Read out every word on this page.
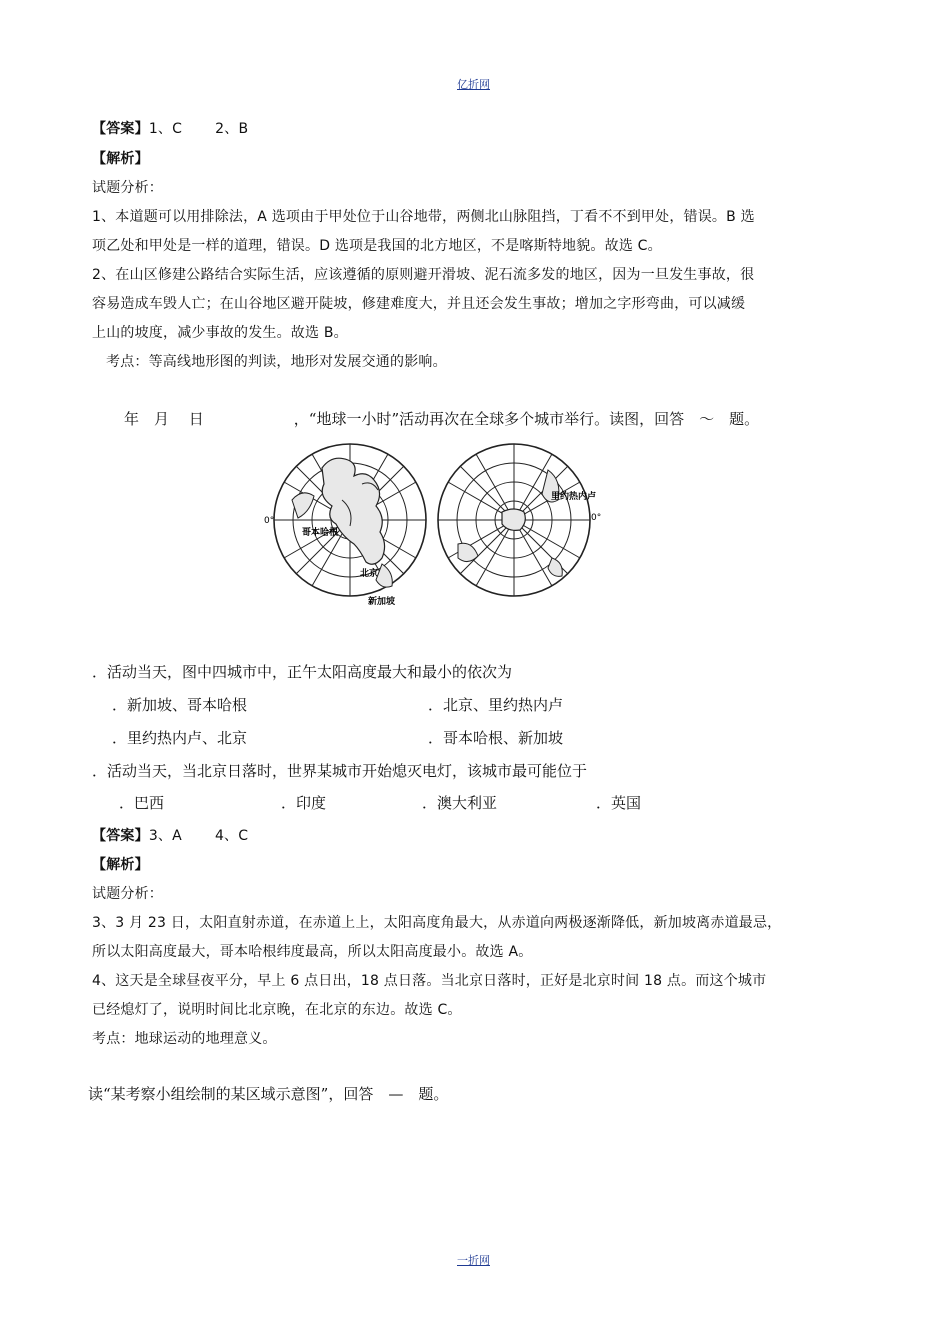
亿折网
【答案】1、C　　 2、B
【解析】
试题分析：
1、本道题可以用排除法，A 选项由于甲处位于山谷地带，两侧北山脉阻挡，丁看不不到甲处，错误。B 选
项乙处和甲处是一样的道理，错误。D 选项是我国的北方地区，不是喀斯特地貌。故选 C。
2、在山区修建公路结合实际生活，应该遵循的原则避开滑坡、泥石流多发的地区，因为一旦发生事故，很
容易造成车毁人亡；在山谷地区避开陡坡，修建难度大，并且还会发生事故；增加之字形弯曲，可以减缓
上山的坡度，减少事故的发生。故选 B。
考点：等高线地形图的判读，地形对发展交通的影响。
年　月　 日　　　　　　，“地球一小时”活动再次在全球多个城市举行。读图，回答　～　题。
0°
哥本哈根
北京
新加坡
里约热内卢
0°
．活动当天，图中四城市中，正午太阳高度最大和最小的依次为
．新加坡、哥本哈根	．北京、里约热内卢
．里约热内卢、北京	．哥本哈根、新加坡
．活动当天，当北京日落时，世界某城市开始熄灭电灯，该城市最可能位于
．巴西	．印度	．澳大利亚	．英国
【答案】3、A　　 4、C
【解析】
试题分析：
3、3 月 23 日，太阳直射赤道，在赤道上上，太阳高度角最大，从赤道向两极逐渐降低，新加坡离赤道最忌，
所以太阳高度最大，哥本哈根纬度最高，所以太阳高度最小。故选 A。
4、这天是全球昼夜平分，早上 6 点日出，18 点日落。当北京日落时，正好是北京时间 18 点。而这个城市
已经熄灯了，说明时间比北京晚，在北京的东边。故选 C。
考点：地球运动的地理意义。
读“某考察小组绘制的某区域示意图”，回答　—　题。
一折网
